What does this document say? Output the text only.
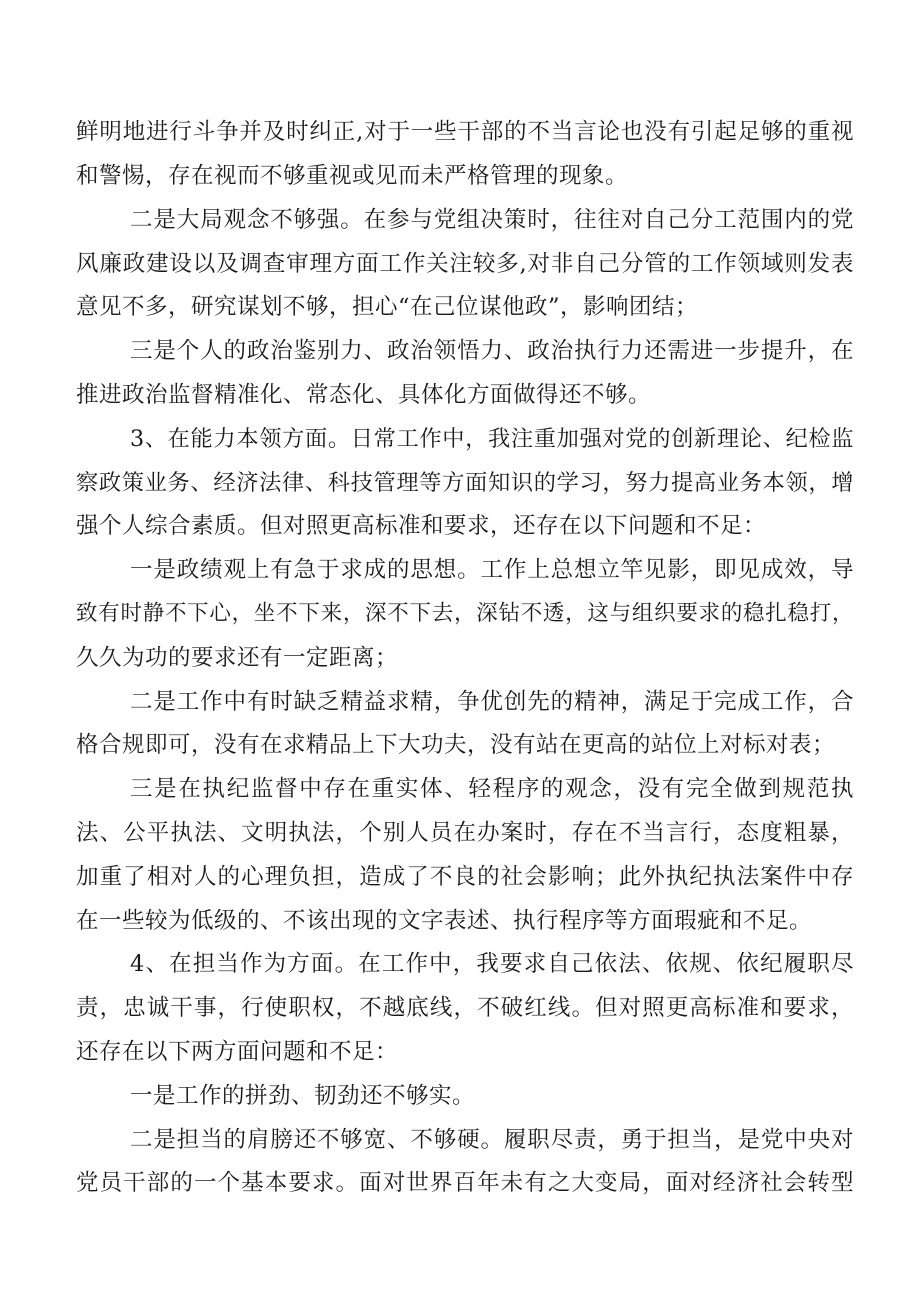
鲜明地进行斗争并及时纠正,对于一些干部的不当言论也没有引起足够的重视
和警惕，存在视而不够重视或见而未严格管理的现象。
二是大局观念不够强。在参与党组决策时，往往对自己分工范围内的党
风廉政建设以及调查审理方面工作关注较多,对非自己分管的工作领域则发表
意见不多，研究谋划不够，担心“在己位谋他政”，影响团结；
三是个人的政治鉴别力、政治领悟力、政治执行力还需进一步提升，在
推进政治监督精准化、常态化、具体化方面做得还不够。
3、在能力本领方面。日常工作中，我注重加强对党的创新理论、纪检监
察政策业务、经济法律、科技管理等方面知识的学习，努力提高业务本领，增
强个人综合素质。但对照更高标准和要求，还存在以下问题和不足：
一是政绩观上有急于求成的思想。工作上总想立竿见影，即见成效，导
致有时静不下心，坐不下来，深不下去，深钻不透，这与组织要求的稳扎稳打，
久久为功的要求还有一定距离；
二是工作中有时缺乏精益求精，争优创先的精神，满足于完成工作，合
格合规即可，没有在求精品上下大功夫，没有站在更高的站位上对标对表；
三是在执纪监督中存在重实体、轻程序的观念，没有完全做到规范执
法、公平执法、文明执法，个别人员在办案时，存在不当言行，态度粗暴，
加重了相对人的心理负担，造成了不良的社会影响；此外执纪执法案件中存
在一些较为低级的、不该出现的文字表述、执行程序等方面瑕疵和不足。
4、在担当作为方面。在工作中，我要求自己依法、依规、依纪履职尽
责，忠诚干事，行使职权，不越底线，不破红线。但对照更高标准和要求，
还存在以下两方面问题和不足：
一是工作的拼劲、韧劲还不够实。
二是担当的肩膀还不够宽、不够硬。履职尽责，勇于担当，是党中央对
党员干部的一个基本要求。面对世界百年未有之大变局，面对经济社会转型
